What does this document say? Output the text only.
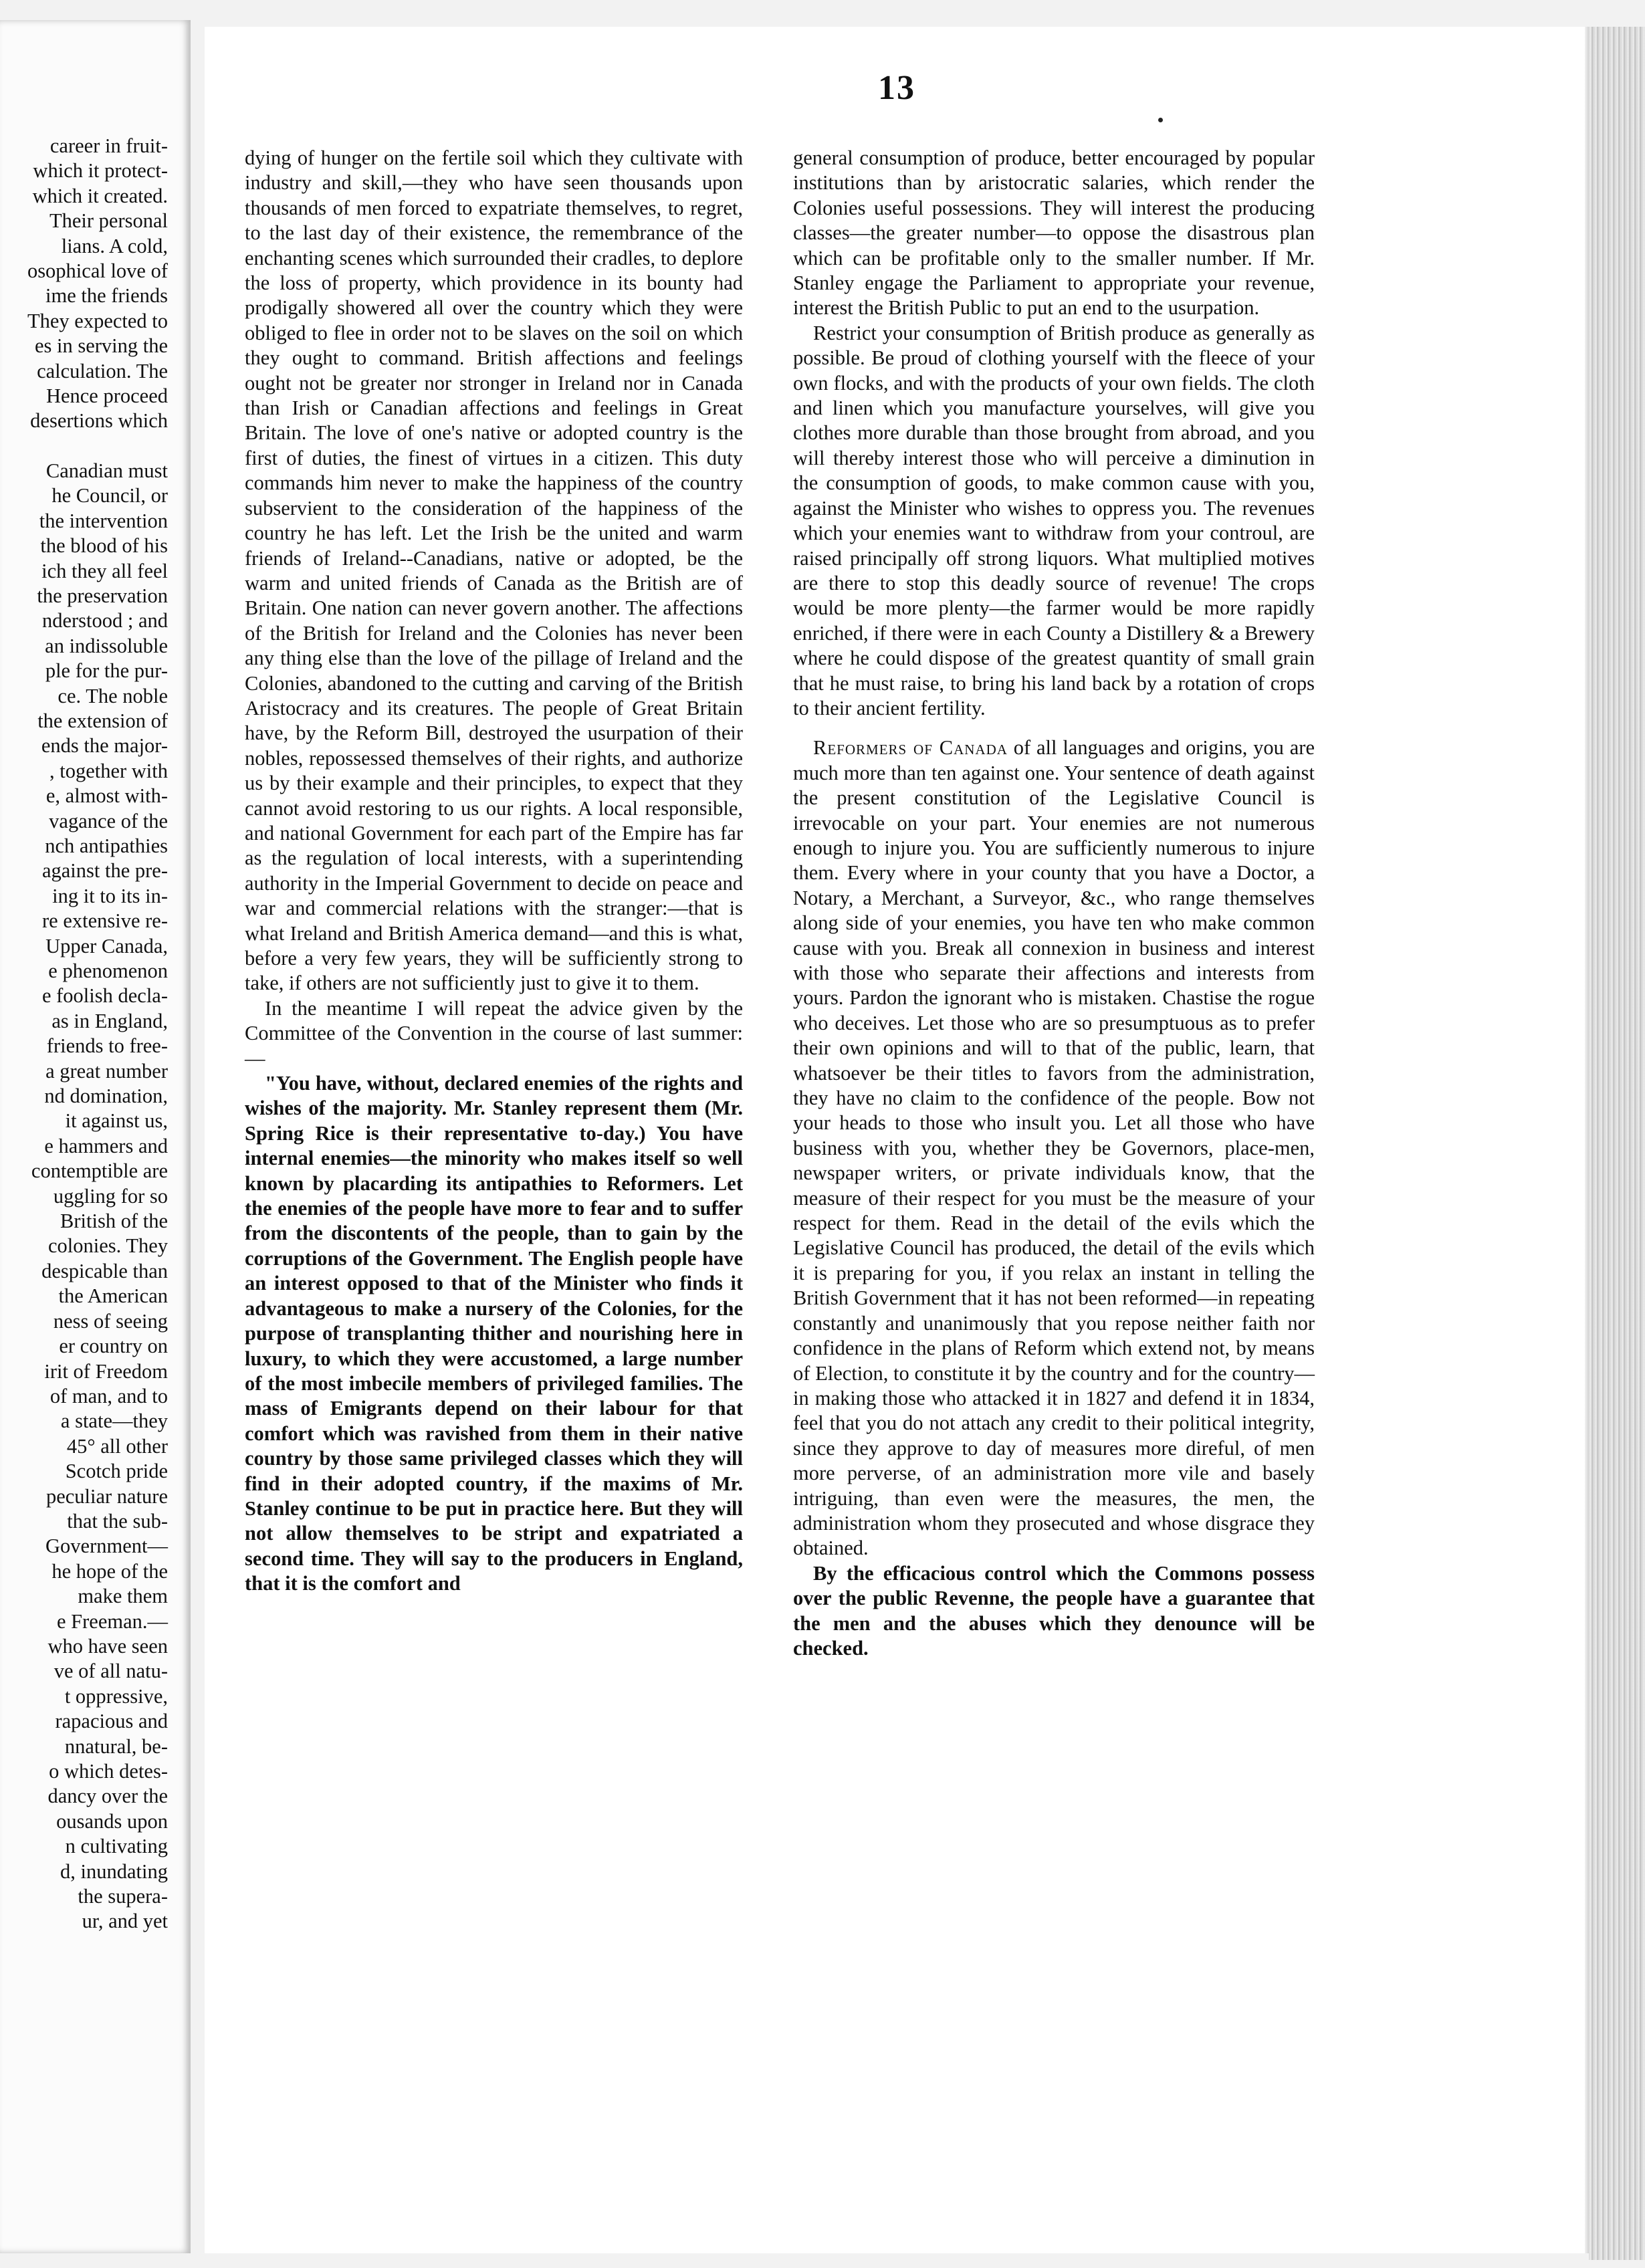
career in fruit-
which it protect-
which it created.
Their personal
lians. A cold,
osophical love of
ime the friends
They expected to
es in serving the
calculation. The
Hence proceed
desertions which
Canadian must
he Council, or
the intervention
the blood of his
ich they all feel
the preservation
nderstood ; and
an indissoluble
ple for the pur-
ce. The noble
the extension of
ends the major-
, together with
e, almost with-
vagance of the
nch antipathies
against the pre-
ing it to its in-
re extensive re-
Upper Canada,
e phenomenon
e foolish decla-
as in England,
friends to free-
a great number
nd domination,
it against us,
e hammers and
contemptible are
uggling for so
British of the
colonies. They
despicable than
the American
ness of seeing
er country on
irit of Freedom
of man, and to
a state—they
45° all other
Scotch pride
peculiar nature
that the sub-
Government—
he hope of the
make them
e Freeman.—
who have seen
ve of all natu-
t oppressive,
rapacious and
nnatural, be-
o which detes-
dancy over the
ousands upon
n cultivating
d, inundating
the supera-
ur, and yet
13

dying of hunger on the fertile soil which they cultivate with industry and skill,—they who have seen thousands upon thousands of men forced to expatriate themselves, to regret, to the last day of their existence, the remembrance of the enchanting scenes which surrounded their cradles, to deplore the loss of property, which providence in its bounty had prodigally showered all over the country which they were obliged to flee in order not to be slaves on the soil on which they ought to command. British affections and feelings ought not be greater nor stronger in Ireland nor in Canada than Irish or Canadian affections and feelings in Great Britain. The love of one's native or adopted country is the first of duties, the finest of virtues in a citizen. This duty commands him never to make the happiness of the country subservient to the consideration of the happiness of the country he has left. Let the Irish be the united and warm friends of Ireland--Canadians, native or adopted, be the warm and united friends of Canada as the British are of Britain. One nation can never govern another. The affections of the British for Ireland and the Colonies has never been any thing else than the love of the pillage of Ireland and the Colonies, abandoned to the cutting and carving of the British Aristocracy and its creatures. The people of Great Britain have, by the Reform Bill, destroyed the usurpation of their nobles, repossessed themselves of their rights, and authorize us by their example and their principles, to expect that they cannot avoid restoring to us our rights. A local responsible, and national Government for each part of the Empire has far as the regulation of local interests, with a superintending authority in the Imperial Government to decide on peace and war and commercial relations with the stranger:—that is what Ireland and British America demand—and this is what, before a very few years, they will be sufficiently strong to take, if others are not sufficiently just to give it to them.

In the meantime I will repeat the advice given by the Committee of the Convention in the course of last summer:—

"You have, without, declared enemies of the rights and wishes of the majority. Mr. Stanley represent them (Mr. Spring Rice is their representative to-day.) You have internal enemies—the minority who makes itself so well known by placarding its antipathies to Reformers. Let the enemies of the people have more to fear and to suffer from the discontents of the people, than to gain by the corruptions of the Government. The English people have an interest opposed to that of the Minister who finds it advantageous to make a nursery of the Colonies, for the purpose of transplanting thither and nourishing here in luxury, to which they were accustomed, a large number of the most imbecile members of privileged families. The mass of Emigrants depend on their labour for that comfort which was ravished from them in their native country by those same privileged classes which they will find in their adopted country, if the maxims of Mr. Stanley continue to be put in practice here. But they will not allow themselves to be stript and expatriated a second time. They will say to the producers in England, that it is the comfort and

general consumption of produce, better encouraged by popular institutions than by aristocratic salaries, which render the Colonies useful possessions. They will interest the producing classes—the greater number—to oppose the disastrous plan which can be profitable only to the smaller number. If Mr. Stanley engage the Parliament to appropriate your revenue, interest the British Public to put an end to the usurpation.

Restrict your consumption of British produce as generally as possible. Be proud of clothing yourself with the fleece of your own flocks, and with the products of your own fields. The cloth and linen which you manufacture yourselves, will give you clothes more durable than those brought from abroad, and you will thereby interest those who will perceive a diminution in the consumption of goods, to make common cause with you, against the Minister who wishes to oppress you. The revenues which your enemies want to withdraw from your controul, are raised principally off strong liquors. What multiplied motives are there to stop this deadly source of revenue! The crops would be more plenty—the farmer would be more rapidly enriched, if there were in each County a Distillery & a Brewery where he could dispose of the greatest quantity of small grain that he must raise, to bring his land back by a rotation of crops to their ancient fertility.

Reformers of Canada of all languages and origins, you are much more than ten against one. Your sentence of death against the present constitution of the Legislative Council is irrevocable on your part. Your enemies are not numerous enough to injure you. You are sufficiently numerous to injure them. Every where in your county that you have a Doctor, a Notary, a Merchant, a Surveyor, &c., who range themselves along side of your enemies, you have ten who make common cause with you. Break all connexion in business and interest with those who separate their affections and interests from yours. Pardon the ignorant who is mistaken. Chastise the rogue who deceives. Let those who are so presumptuous as to prefer their own opinions and will to that of the public, learn, that whatsoever be their titles to favors from the administration, they have no claim to the confidence of the people. Bow not your heads to those who insult you. Let all those who have business with you, whether they be Governors, place-men, newspaper writers, or private individuals know, that the measure of their respect for you must be the measure of your respect for them. Read in the detail of the evils which the Legislative Council has produced, the detail of the evils which it is preparing for you, if you relax an instant in telling the British Government that it has not been reformed—in repeating constantly and unanimously that you repose neither faith nor confidence in the plans of Reform which extend not, by means of Election, to constitute it by the country and for the country—in making those who attacked it in 1827 and defend it in 1834, feel that you do not attach any credit to their political integrity, since they approve to day of measures more direful, of men more perverse, of an administration more vile and basely intriguing, than even were the measures, the men, the administration whom they prosecuted and whose disgrace they obtained.

By the efficacious control which the Commons possess over the public Revenne, the people have a guarantee that the men and the abuses which they denounce will be checked.
